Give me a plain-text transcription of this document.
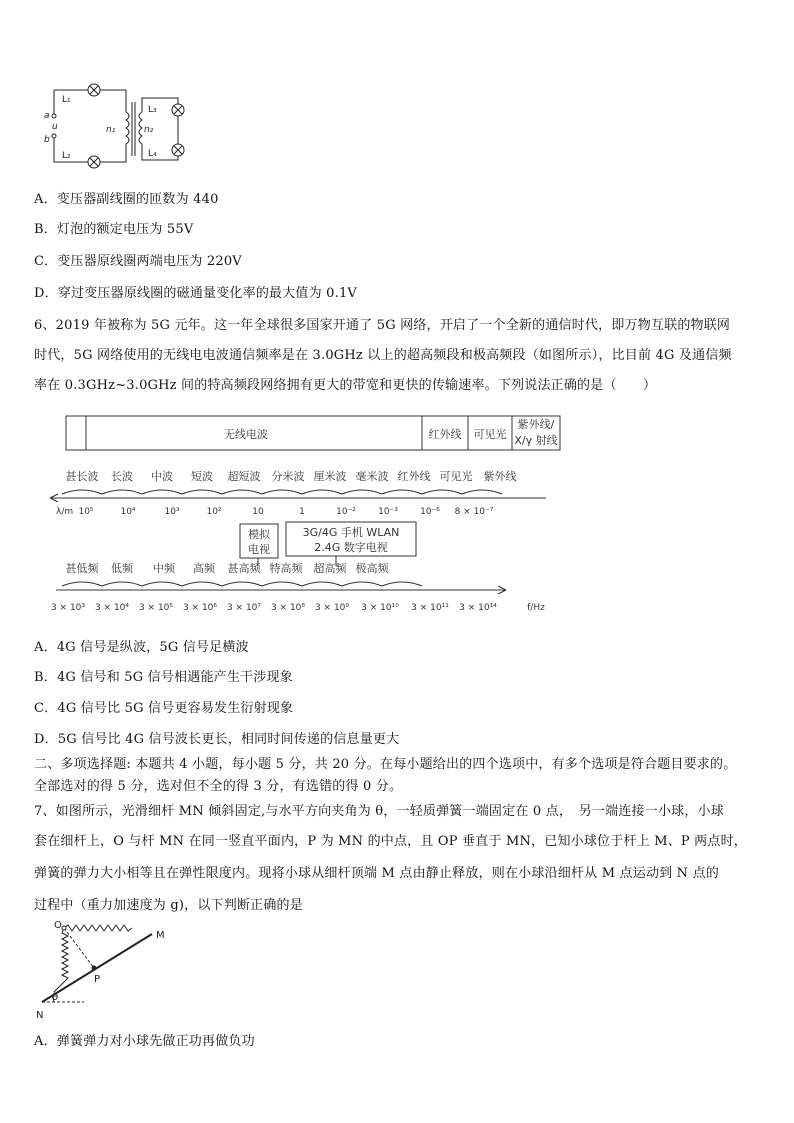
L₁
L₂
L₃
L₄
a
u
b
n₁	n₂
A．变压器副线圈的匝数为 440
B．灯泡的额定电压为 55V
C．变压器原线圈两端电压为 220V
D．穿过变压器原线圈的磁通量变化率的最大值为 0.1V
6、2019 年被称为 5G 元年。这一年全球很多国家开通了 5G 网络，开启了一个全新的通信时代，即万物互联的物联网
时代，5G 网络使用的无线电电波通信频率是在 3.0GHz 以上的超高频段和极高频段（如图所示），比目前 4G 及通信频
率在 0.3GHz~3.0GHz 间的特高频段网络拥有更大的带宽和更快的传输速率。下列说法正确的是（　　）
无线电波	红外线 可见光
紫外线/
X/γ 射线
甚长波 长波 中波 短波 超短波 分米波 厘米波 毫米波 红外线 可见光 紫外线
λ/m 10⁵	10⁴	10³	10²	10	1	10⁻² 10⁻³ 10⁻⁶ 8 × 10⁻⁷
模拟
电视
3G/4G 手机 WLAN
2.4G 数字电视
甚低频 低频 中频 高频 甚高频 特高频 超高频 极高频
3 × 10³ 3 × 10⁴ 3 × 10⁵ 3 × 10⁶ 3 × 10⁷ 3 × 10⁸ 3 × 10⁹ 3 × 10¹⁰ 3 × 10¹¹ 3 × 10¹⁴	f/Hz
A．4G 信号是纵波，5G 信号足横波
B．4G 信号和 5G 信号相遇能产生干涉现象
C．4G 信号比 5G 信号更容易发生衍射现象
D．5G 信号比 4G 信号波长更长，相同时间传递的信息量更大
二、多项选择题: 本题共 4 小题，每小题 5 分，共 20 分。在每小题给出的四个选项中，有多个选项是符合题目要求的。
全部选对的得 5 分，选对但不全的得 3 分，有选错的得 0 分。
7、如图所示，光滑细杆 MN 倾斜固定,与水平方向夹角为 θ，一轻质弹簧一端固定在 0 点，　另一端连接一小球，小球
套在细杆上，O 与杆 MN 在同一竖直平面内，P 为 MN 的中点，且 OP 垂直于 MN，已知小球位于杆上 M、P 两点时，
弹簧的弹力大小相等且在弹性限度内。现将小球从细杆顶端 M 点由静止释放，则在小球沿细杆从 M 点运动到 N 点的
过程中（重力加速度为 g)，以下判断正确的是
O
M
P
N
θ
A．弹簧弹力对小球先做正功再做负功
